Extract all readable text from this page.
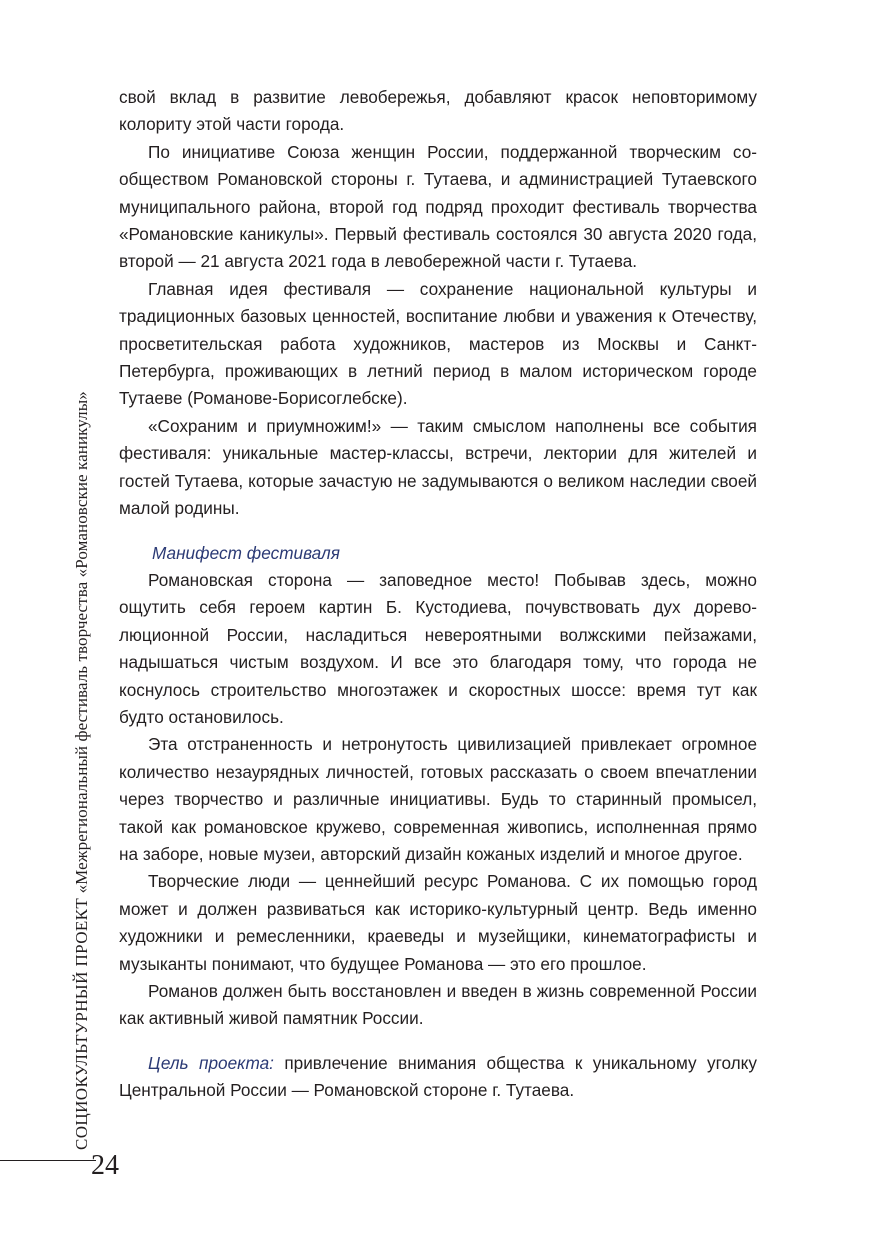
СОЦИОКУЛЬТУРНЫЙ ПРОЕКТ «Межрегиональный фестиваль творчества «Романовские каникулы»
24

свой вклад в развитие левобережья, добавляют красок неповторимому колориту этой части города.

По инициативе Союза женщин России, поддержанной творческим сообществом Романовской стороны г. Тутаева, и администрацией Тутаевского муниципального района, второй год подряд проходит фестиваль творчества «Романовские каникулы». Первый фестиваль состоялся 30 августа 2020 года, второй — 21 августа 2021 года в левобережной части г. Тутаева.

Главная идея фестиваля — сохранение национальной культуры и традиционных базовых ценностей, воспитание любви и уважения к Отечеству, просветительская работа художников, мастеров из Москвы и Санкт-Петербурга, проживающих в летний период в малом историческом городе Тутаеве (Романове-Борисоглебске).

«Сохраним и приумножим!» — таким смыслом наполнены все события фестиваля: уникальные мастер-классы, встречи, лектории для жителей и гостей Тутаева, которые зачастую не задумываются о великом наследии своей малой родины.

Манифест фестиваля

Романовская сторона — заповедное место! Побывав здесь, можно ощутить себя героем картин Б. Кустодиева, почувствовать дух дореволюционной России, насладиться невероятными волжскими пейзажами, надышаться чистым воздухом. И все это благодаря тому, что города не коснулось строительство многоэтажек и скоростных шоссе: время тут как будто остановилось.

Эта отстраненность и нетронутость цивилизацией привлекает огромное количество незаурядных личностей, готовых рассказать о своем впечатлении через творчество и различные инициативы. Будь то старинный промысел, такой как романовское кружево, современная живопись, исполненная прямо на заборе, новые музеи, авторский дизайн кожаных изделий и многое другое.

Творческие люди — ценнейший ресурс Романова. С их помощью город может и должен развиваться как историко-культурный центр. Ведь именно художники и ремесленники, краеведы и музейщики, кинематографисты и музыканты понимают, что будущее Романова — это его прошлое.

Романов должен быть восстановлен и введен в жизнь современной России как активный живой памятник России.

Цель проекта: привлечение внимания общества к уникальному уголку Центральной России — Романовской стороне г. Тутаева.
